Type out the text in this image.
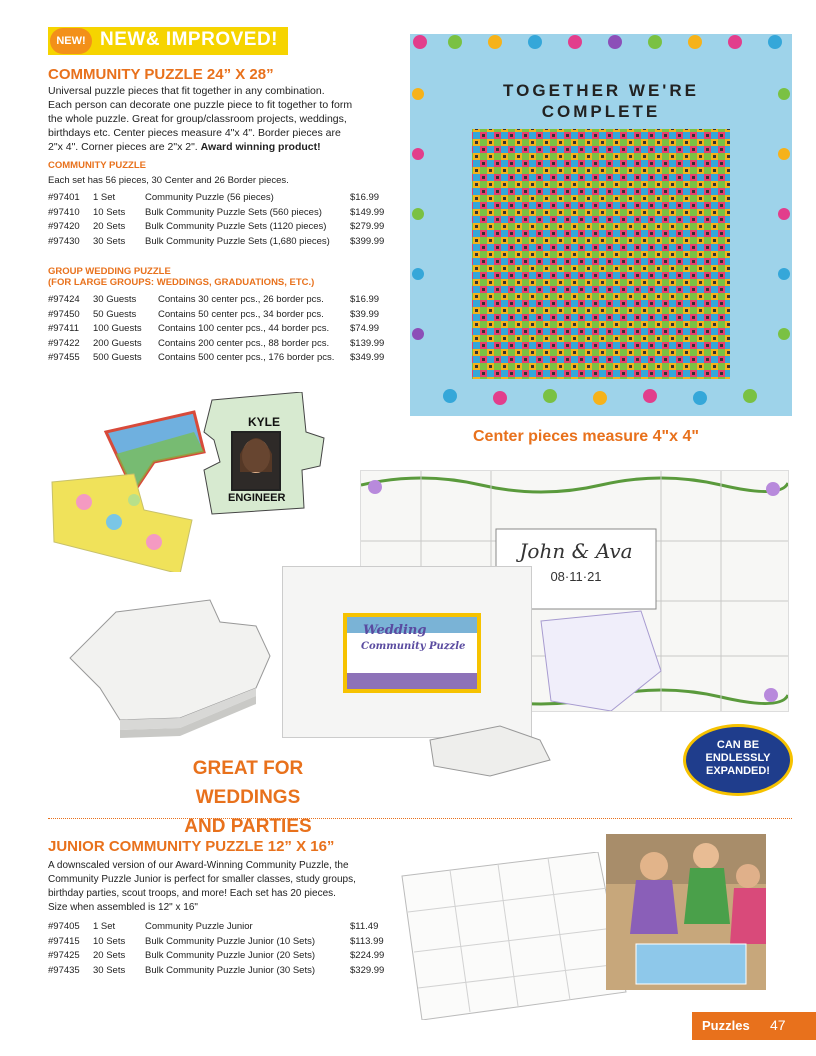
NEW! NEW& IMPROVED!
COMMUNITY PUZZLE 24” X 28”
Universal puzzle pieces that fit together in any combination.
Each person can decorate one puzzle piece to fit together to form
the whole puzzle. Great for group/classroom projects, weddings,
birthdays etc. Center pieces measure 4"x 4". Border pieces are
2"x 4". Corner pieces are 2"x 2". Award winning product!
COMMUNITY PUZZLE
Each set has 56 pieces, 30 Center and 26 Border pieces.
#97401	1 Set	Community Puzzle (56 pieces)	$16.99
#97410	10 Sets	Bulk Community Puzzle Sets (560 pieces)	$149.99
#97420	20 Sets	Bulk Community Puzzle Sets (1120 pieces)	$279.99
#97430	30 Sets	Bulk Community Puzzle Sets (1,680 pieces)	$399.99
GROUP WEDDING PUZZLE
(FOR LARGE GROUPS: WEDDINGS, GRADUATIONS, ETC.)
#97424	30 Guests	Contains 30 center pcs., 26 border pcs.	$16.99
#97450	50 Guests	Contains 50 center pcs., 34 border pcs.	$39.99
#97411	100 Guests	Contains 100 center pcs., 44 border pcs.	$74.99
#97422	200 Guests	Contains 200 center pcs., 88 border pcs.	$139.99
#97455	500 Guests	Contains 500 center pcs., 176 border pcs.	$349.99
TOGETHER WE'RE
COMPLETE
Center pieces measure 4"x 4"
KYLE
ENGINEER
John & Ava
08·11·21
Wedding
Community Puzzle
GREAT FOR WEDDINGS
AND PARTIES
CAN BE
ENDLESSLY
EXPANDED!
JUNIOR COMMUNITY PUZZLE 12” X 16”
A downscaled version of our Award-Winning Community Puzzle, the
Community Puzzle Junior is perfect for smaller classes, study groups,
birthday parties, scout troops, and more! Each set has 20 pieces.
Size when assembled is 12" x 16"
#97405	1 Set	Community Puzzle Junior	$11.49
#97415	10 Sets	Bulk Community Puzzle Junior (10 Sets)	$113.99
#97425	20 Sets	Bulk Community Puzzle Junior (20 Sets)	$224.99
#97435	30 Sets	Bulk Community Puzzle Junior (30 Sets)	$329.99
Puzzles 47
